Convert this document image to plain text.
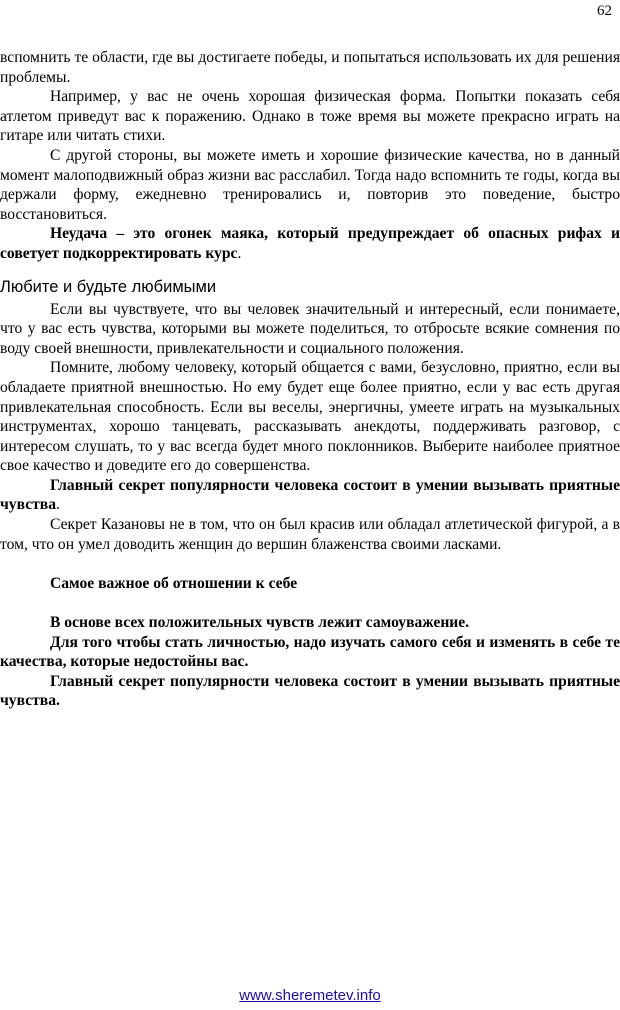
62

вспомнить те области, где вы достигаете победы, и попытаться использовать их для решения проблемы.

Например, у вас не очень хорошая физическая форма. Попытки показать себя атлетом приведут вас к поражению. Однако в тоже время вы можете прекрасно играть на гитаре или читать стихи.

С другой стороны, вы можете иметь и хорошие физические качества, но в данный момент малоподвижный образ жизни вас расслабил. Тогда надо вспомнить те годы, когда вы держали форму, ежедневно тренировались и, повторив это поведение, быстро восстановиться.

Неудача – это огонек маяка, который предупреждает об опасных рифах и советует подкорректировать курс.

Любите и будьте любимыми

Если вы чувствуете, что вы человек значительный и интересный, если понимаете, что у вас есть чувства, которыми вы можете поделиться, то отбросьте всякие сомнения по воду своей внешности, привлекательности и социального положения.

Помните, любому человеку, который общается с вами, безусловно, приятно, если вы обладаете приятной внешностью. Но ему будет еще более приятно, если у вас есть другая привлекательная способность. Если вы веселы, энергичны, умеете играть на музыкальных инструментах, хорошо танцевать, рассказывать анекдоты, поддерживать разговор, с интересом слушать, то у вас всегда будет много поклонников. Выберите наиболее приятное свое качество и доведите его до совершенства.

Главный секрет популярности человека состоит в умении вызывать приятные чувства.

Секрет Казановы не в том, что он был красив или обладал атлетической фигурой, а в том, что он умел доводить женщин до вершин блаженства своими ласками.

Самое важное об отношении к себе

В основе всех положительных чувств лежит самоуважение.

Для того чтобы стать личностью, надо изучать самого себя и изменять в себе те качества, которые недостойны вас.

Главный секрет популярности человека состоит в умении вызывать приятные чувства.

www.sheremetev.info
